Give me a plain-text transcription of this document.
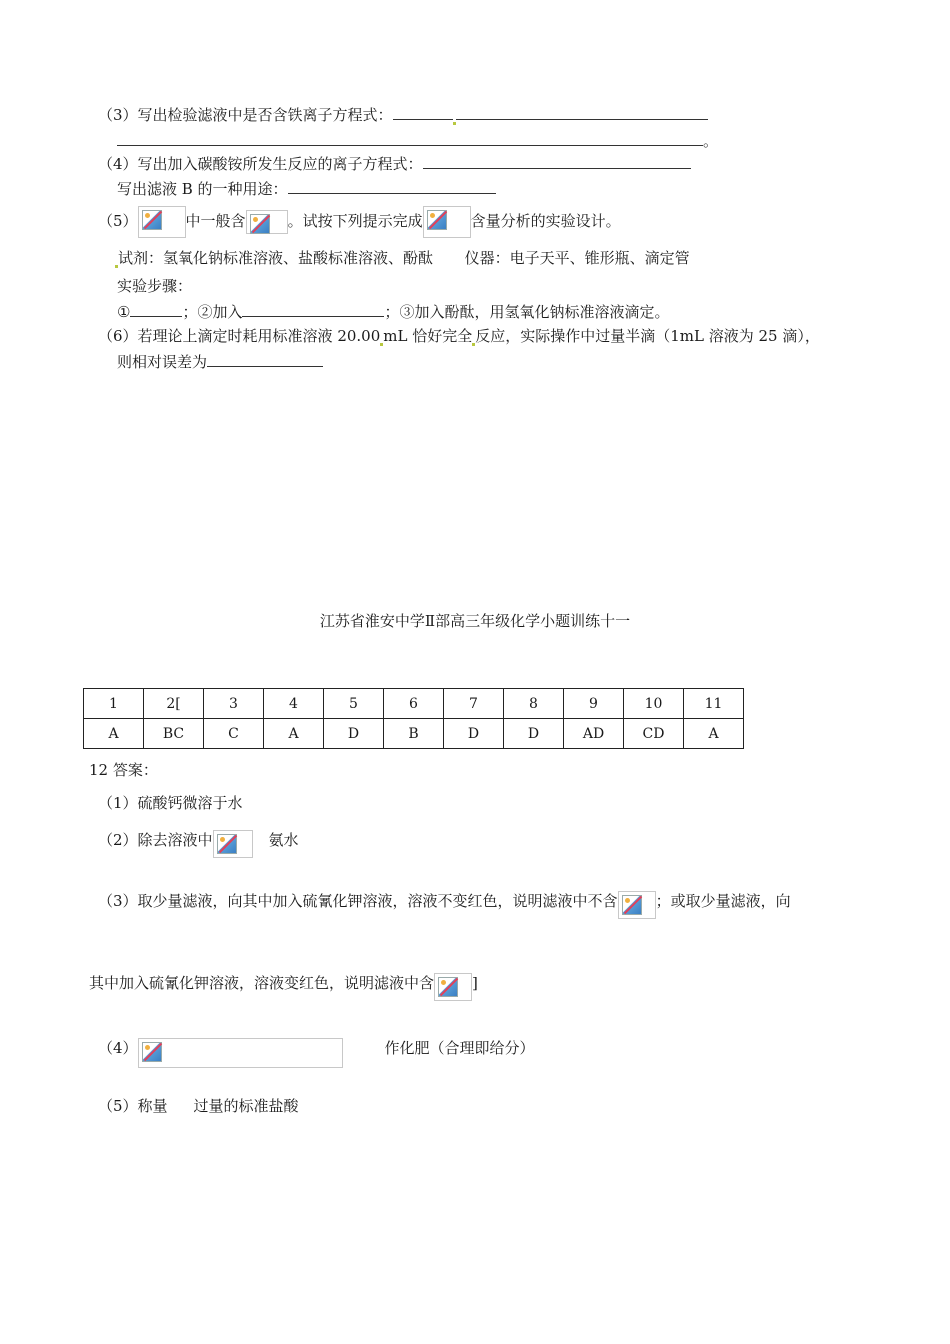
（3）写出检验滤液中是否含铁离子方程式：
。
（4）写出加入碳酸铵所发生反应的离子方程式：
写出滤液 B 的一种用途：
（5）	中一般含	。试按下列提示完成	含量分析的实验设计。
试剂：氢氧化钠标准溶液、盐酸标准溶液、酚酞 仪器：电子天平、锥形瓶、滴定管
实验步骤：
①	；②加入	；③加入酚酞，用氢氧化钠标准溶液滴定。
（6）若理论上滴定时耗用标准溶液 20.00 mL 恰好完全 反应，实际操作中过量半滴（1mL 溶液为 25 滴），
则相对误差为
江苏省淮安中学Ⅱ部高三年级化学小题训练十一
1	2[	3	4	5	6	7	8	9	10	11
A	BC	C	A	D	B	D	D	AD	CD	A
12 答案：
（1）硫酸钙微溶于水
（2）除去溶液中	氨水
（3）取少量滤液，向其中加入硫氰化钾溶液，溶液不变红色，说明滤液中不含	；或取少量滤液，向
其中加入硫氰化钾溶液，溶液变红色，说明滤液中含	]
（4）	作化肥（合理即给分）
（5）称量 过量的标准盐酸
